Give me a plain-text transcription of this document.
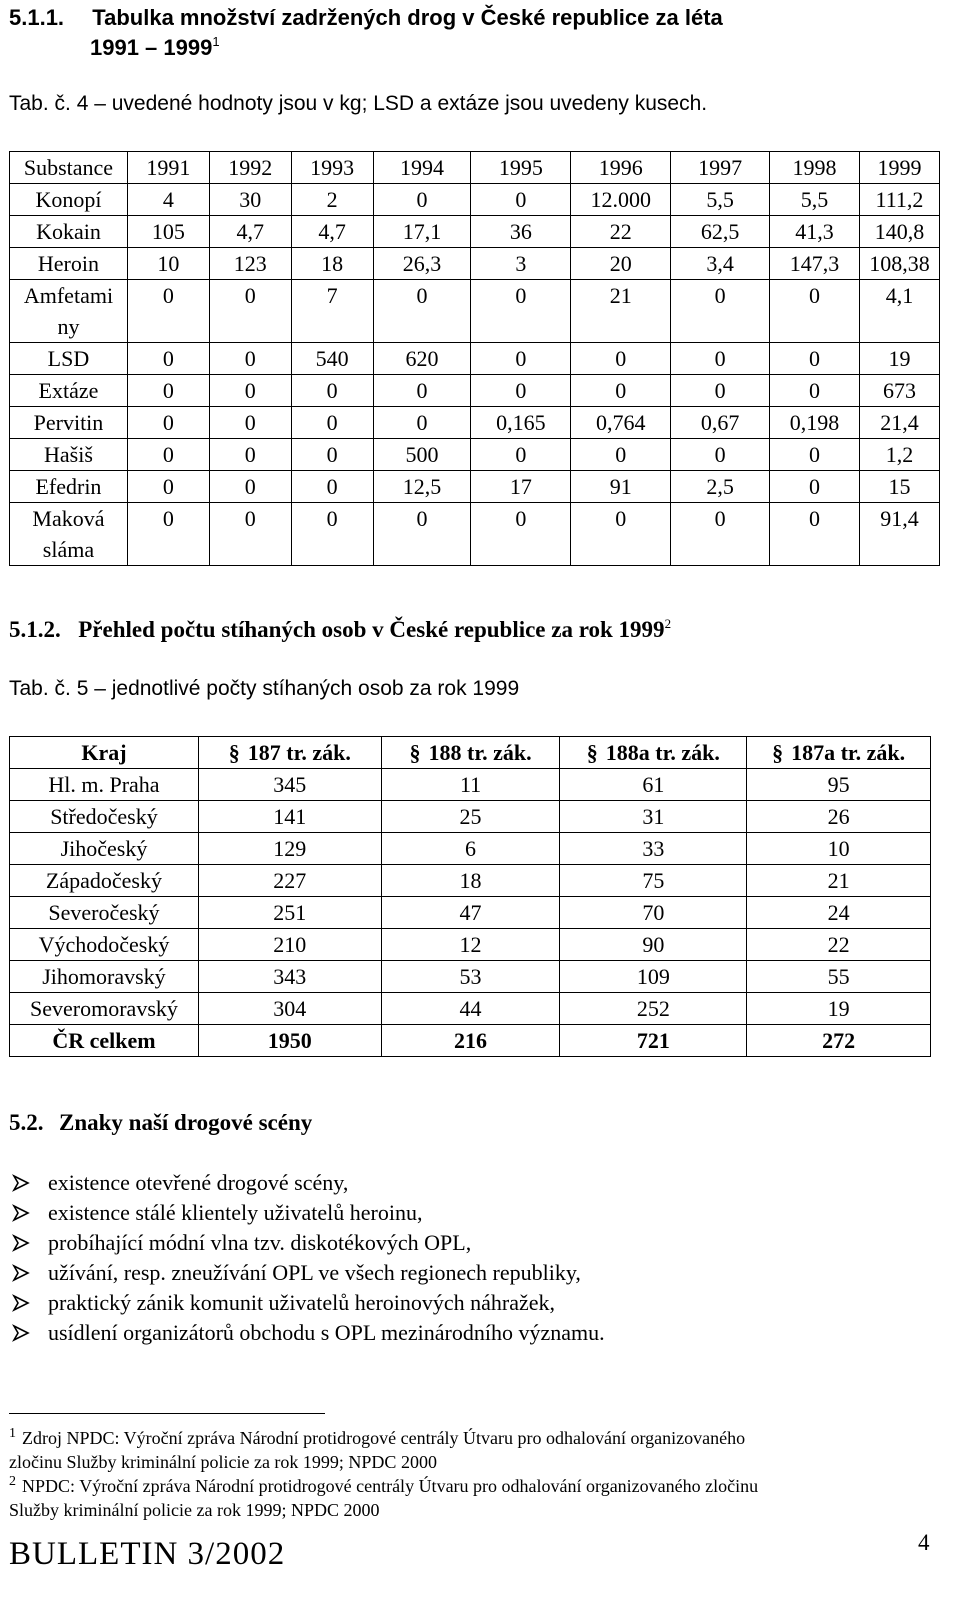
5.1.1. Tabulka množství zadržených drog v České republice za léta
1991 – 1999$^1$
Tab. č. 4 – uvedené hodnoty jsou v kg; LSD a extáze jsou uvedeny kusech.
Substance	1991	1992	1993	1994	1995	1996	1997	1998	1999
Konopí	4	30	2	0	0	12.000	5,5	5,5	111,2
Kokain	105	4,7	4,7	17,1	36	22	62,5	41,3	140,8
Heroin	10	123	18	26,3	3	20	3,4	147,3	108,38
Amfetami ny	0	0	7	0	0	21	0	0	4,1
LSD	0	0	540	620	0	0	0	0	19
Extáze	0	0	0	0	0	0	0	0	673
Pervitin	0	0	0	0	0,165	0,764	0,67	0,198	21,4
Hašiš	0	0	0	500	0	0	0	0	1,2
Efedrin	0	0	0	12,5	17	91	2,5	0	15
Maková sláma	0	0	0	0	0	0	0	0	91,4
5.1.2. Přehled počtu stíhaných osob v České republice za rok 1999$^2$
Tab. č. 5 – jednotlivé počty stíhaných osob za rok 1999
Kraj	§ 187 tr. zák.	§ 188 tr. zák.	§ 188a tr. zák.	§ 187a tr. zák.
Hl. m. Praha	345	11	61	95
Středočeský	141	25	31	26
Jihočeský	129	6	33	10
Západočeský	227	18	75	21
Severočeský	251	47	70	24
Východočeský	210	12	90	22
Jihomoravský	343	53	109	55
Severomoravský	304	44	252	19
ČR celkem	1950	216	721	272
5.2. Znaky naší drogové scény
existence otevřené drogové scény,
existence stálé klientely uživatelů heroinu,
probíhající módní vlna tzv. diskotékových OPL,
užívání, resp. zneužívání OPL ve všech regionech republiky,
praktický zánik komunit uživatelů heroinových náhražek,
usídlení organizátorů obchodu s OPL mezinárodního významu.
$^1$ Zdroj NPDC: Výroční zpráva Národní protidrogové centrály Útvaru pro odhalování organizovaného
zločinu Služby kriminální policie za rok 1999; NPDC 2000
$^2$ NPDC: Výroční zpráva Národní protidrogové centrály Útvaru pro odhalování organizovaného zločinu
Služby kriminální policie za rok 1999; NPDC 2000
BULLETIN 3/2002	4
